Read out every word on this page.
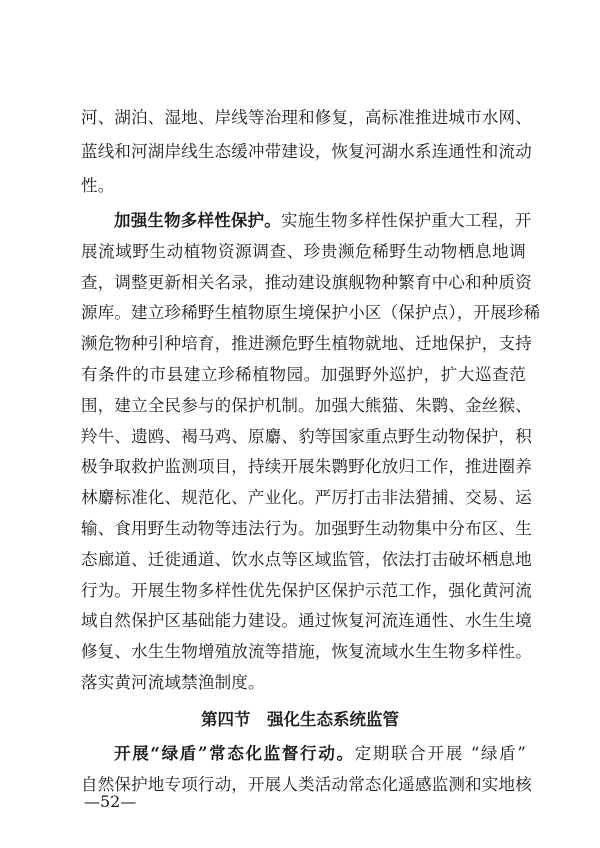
河、湖泊、湿地、岸线等治理和修复，高标准推进城市水网、
蓝线和河湖岸线生态缓冲带建设，恢复河湖水系连通性和流动
性。
加强生物多样性保护。实施生物多样性保护重大工程，开
展流域野生动植物资源调查、珍贵濒危稀野生动物栖息地调
查，调整更新相关名录，推动建设旗舰物种繁育中心和种质资
源库。建立珍稀野生植物原生境保护小区（保护点），开展珍稀
濒危物种引种培育，推进濒危野生植物就地、迁地保护，支持
有条件的市县建立珍稀植物园。加强野外巡护，扩大巡查范
围，建立全民参与的保护机制。加强大熊猫、朱鹮、金丝猴、
羚牛、遗鸥、褐马鸡、原麝、豹等国家重点野生动物保护，积
极争取救护监测项目，持续开展朱鹮野化放归工作，推进圈养
林麝标准化、规范化、产业化。严厉打击非法猎捕、交易、运
输、食用野生动物等违法行为。加强野生动物集中分布区、生
态廊道、迁徙通道、饮水点等区域监管，依法打击破坏栖息地
行为。开展生物多样性优先保护区保护示范工作，强化黄河流
域自然保护区基础能力建设。通过恢复河流连通性、水生生境
修复、水生生物增殖放流等措施，恢复流域水生生物多样性。
落实黄河流域禁渔制度。
—52—
第四节　强化生态系统监管
开展“绿盾”常态化监督行动。定期联合开展 “绿盾”
自然保护地专项行动，开展人类活动常态化遥感监测和实地核
